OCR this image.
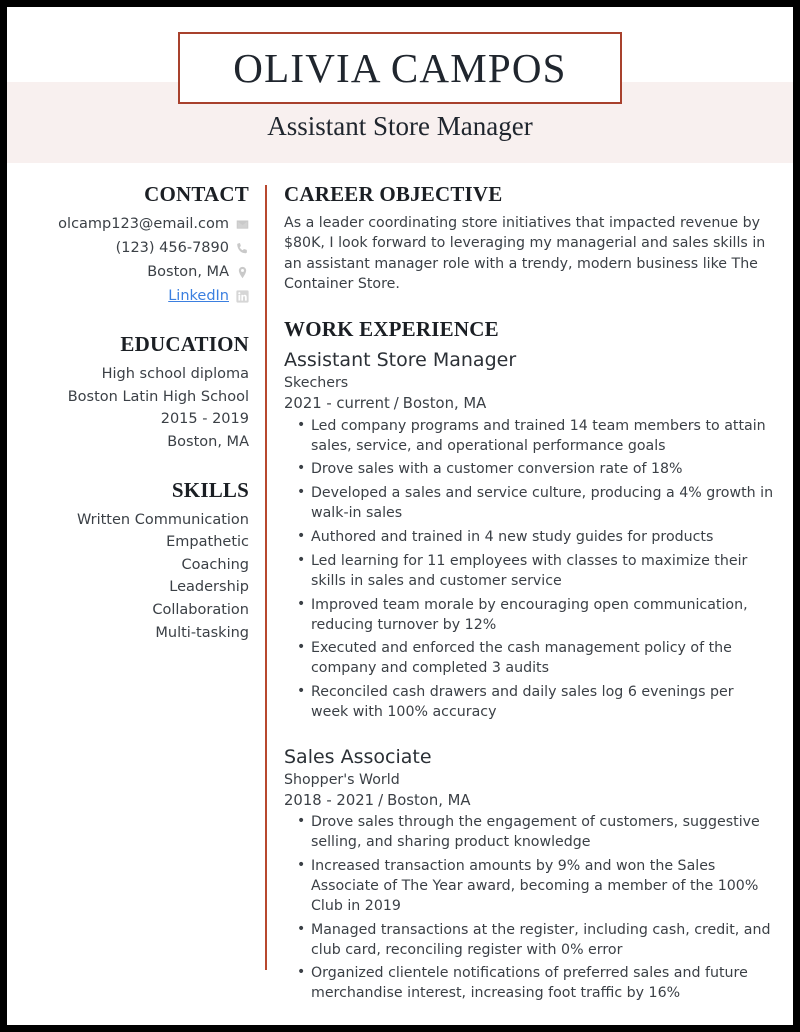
OLIVIA CAMPOS
Assistant Store Manager
CONTACT
olcamp123@email.com
(123) 456-7890
Boston, MA
LinkedIn
EDUCATION
High school diploma
Boston Latin High School
2015 - 2019
Boston, MA
SKILLS
Written Communication
Empathetic
Coaching
Leadership
Collaboration
Multi-tasking
CAREER OBJECTIVE
As a leader coordinating store initiatives that impacted revenue by $80K, I look forward to leveraging my managerial and sales skills in an assistant manager role with a trendy, modern business like The Container Store.
WORK EXPERIENCE
Assistant Store Manager
Skechers
2021 - current / Boston, MA
• Led company programs and trained 14 team members to attain sales, service, and operational performance goals
• Drove sales with a customer conversion rate of 18%
• Developed a sales and service culture, producing a 4% growth in walk-in sales
• Authored and trained in 4 new study guides for products
• Led learning for 11 employees with classes to maximize their skills in sales and customer service
• Improved team morale by encouraging open communication, reducing turnover by 12%
• Executed and enforced the cash management policy of the company and completed 3 audits
• Reconciled cash drawers and daily sales log 6 evenings per week with 100% accuracy
Sales Associate
Shopper's World
2018 - 2021 / Boston, MA
• Drove sales through the engagement of customers, suggestive selling, and sharing product knowledge
• Increased transaction amounts by 9% and won the Sales Associate of The Year award, becoming a member of the 100% Club in 2019
• Managed transactions at the register, including cash, credit, and club card, reconciling register with 0% error
• Organized clientele notifications of preferred sales and future merchandise interest, increasing foot traffic by 16%
